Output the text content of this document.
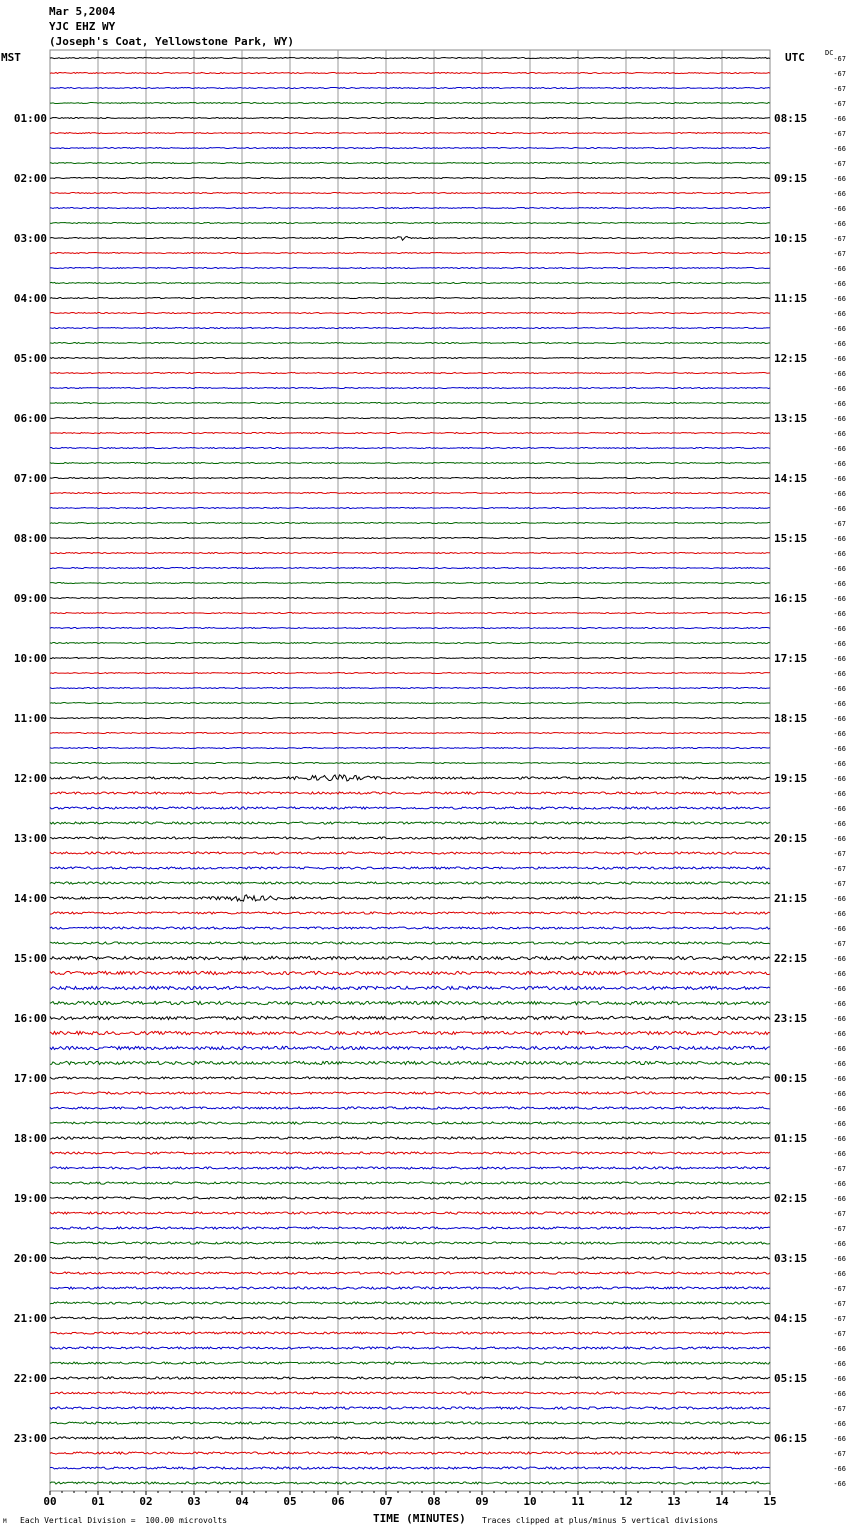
Mar 5,2004
YJC EHZ WY
(Joseph's Coat, Yellowstone Park, WY)
MST	UTC	DC
-67
-67
-67
-67
-66
-67
-66
-67
-66
-66
-66
-66
-67
-67
-66
-66
-66
-66
-66
-66
-66
-66
-66
-66
-66
-66
-66
-66
-66
-66
-66
-67
-66
-66
-66
-66
-66
-66
-66
-66
-66
-66
-66
-66
-66
-66
-66
-66
-66
-66
-66
-66
-66
-67
-67
-67
-66
-66
-66
-67
-66
-66
-66
-66
-66
-66
-66
-66
-66
-66
-66
-66
-66
-66
-67
-66
-66
-67
-67
-66
-66
-66
-67
-67
-67
-67
-66
-66
-66
-66
-67
-66
-66
-67
-66
-66
01:00	08:15
02:00	09:15
03:00	10:15
04:00	11:15
05:00	12:15
06:00	13:15
07:00	14:15
08:00	15:15
09:00	16:15
10:00	17:15
11:00	18:15
12:00	19:15
13:00	20:15
14:00	21:15
15:00	22:15
16:00	23:15
17:00	00:15
18:00	01:15
19:00	02:15
20:00	03:15
21:00	04:15
22:00	05:15
23:00	06:15
00	01	02	03	04	05	06	07	08	09	10	11	12	13	14	15
TIME (MINUTES)
M Each Vertical Division =  100.00 microvolts	Traces clipped at plus/minus 5 vertical divisions
